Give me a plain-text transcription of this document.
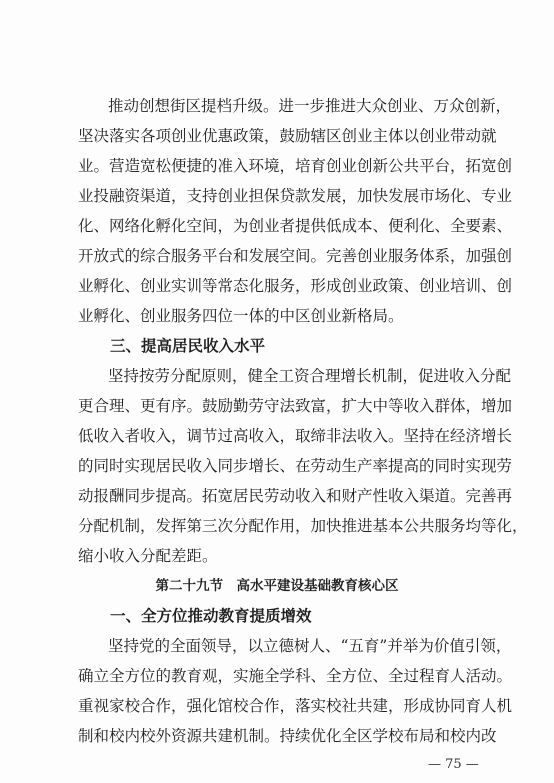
推动创想街区提档升级。进一步推进大众创业、万众创新，
坚决落实各项创业优惠政策，鼓励辖区创业主体以创业带动就
业。营造宽松便捷的准入环境，培育创业创新公共平台，拓宽创
业投融资渠道，支持创业担保贷款发展，加快发展市场化、专业
化、网络化孵化空间，为创业者提供低成本、便利化、全要素、
开放式的综合服务平台和发展空间。完善创业服务体系，加强创
业孵化、创业实训等常态化服务，形成创业政策、创业培训、创
业孵化、创业服务四位一体的中区创业新格局。
三、提高居民收入水平
坚持按劳分配原则，健全工资合理增长机制，促进收入分配
更合理、更有序。鼓励勤劳守法致富，扩大中等收入群体，增加
低收入者收入，调节过高收入，取缔非法收入。坚持在经济增长
的同时实现居民收入同步增长、在劳动生产率提高的同时实现劳
动报酬同步提高。拓宽居民劳动收入和财产性收入渠道。完善再
分配机制，发挥第三次分配作用，加快推进基本公共服务均等化，
缩小收入分配差距。
第二十九节　高水平建设基础教育核心区
一、全方位推动教育提质增效
坚持党的全面领导，以立德树人、“五育”并举为价值引领，
确立全方位的教育观，实施全学科、全方位、全过程育人活动。
重视家校合作，强化馆校合作，落实校社共建，形成协同育人机
制和校内校外资源共建机制。持续优化全区学校布局和校内改
— 75 —
